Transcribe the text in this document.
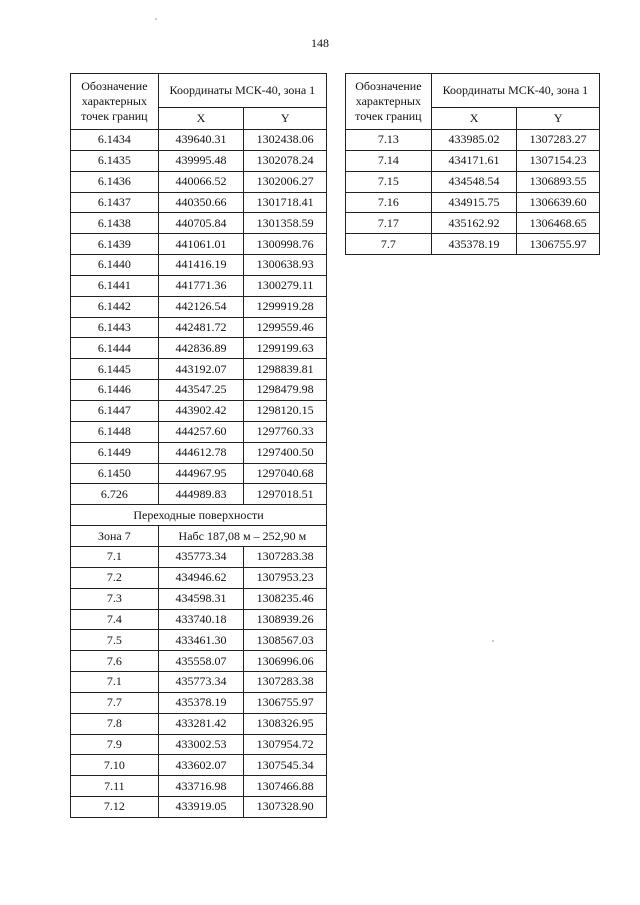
148
Обозначение характерных точек границ	Координаты МСК-40, зона 1	
	X	Y
6.1434	439640.31	1302438.06
6.1435	439995.48	1302078.24
6.1436	440066.52	1302006.27
6.1437	440350.66	1301718.41
6.1438	440705.84	1301358.59
6.1439	441061.01	1300998.76
6.1440	441416.19	1300638.93
6.1441	441771.36	1300279.11
6.1442	442126.54	1299919.28
6.1443	442481.72	1299559.46
6.1444	442836.89	1299199.63
6.1445	443192.07	1298839.81
6.1446	443547.25	1298479.98
6.1447	443902.42	1298120.15
6.1448	444257.60	1297760.33
6.1449	444612.78	1297400.50
6.1450	444967.95	1297040.68
6.726	444989.83	1297018.51
Переходные поверхности		
Зона 7	Набс 187,08 м – 252,90 м	
7.1	435773.34	1307283.38
7.2	434946.62	1307953.23
7.3	434598.31	1308235.46
7.4	433740.18	1308939.26
7.5	433461.30	1308567.03
7.6	435558.07	1306996.06
7.1	435773.34	1307283.38
7.7	435378.19	1306755.97
7.8	433281.42	1308326.95
7.9	433002.53	1307954.72
7.10	433602.07	1307545.34
7.11	433716.98	1307466.88
7.12	433919.05	1307328.90
Обозначение характерных точек границ	Координаты МСК-40, зона 1	
	X	Y
7.13	433985.02	1307283.27
7.14	434171.61	1307154.23
7.15	434548.54	1306893.55
7.16	434915.75	1306639.60
7.17	435162.92	1306468.65
7.7	435378.19	1306755.97
